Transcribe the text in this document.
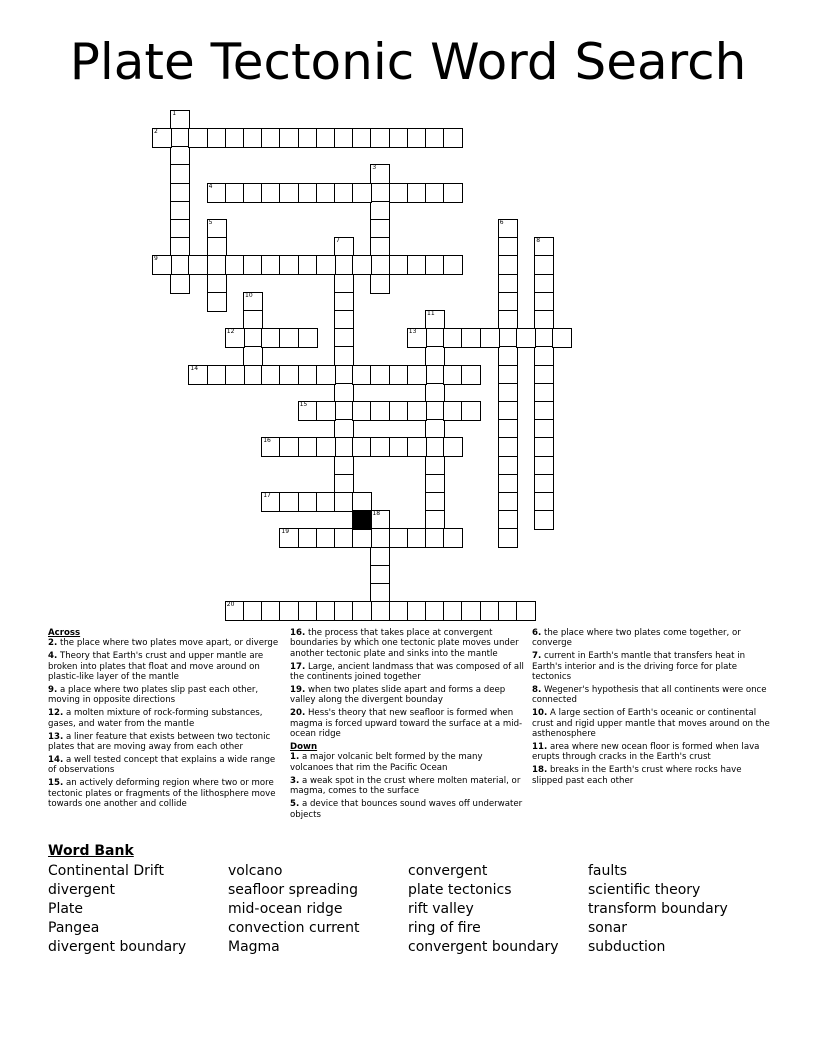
Plate Tectonic Word Search
1
2
3
4
5	6
7	8
9
10
11
12	13
14
15
16
17
18
19
20
Across
2. the place where two plates move apart, or diverge
4. Theory that Earth's crust and upper mantle are broken into plates that float and move around on plastic-like layer of the mantle
9. a place where two plates slip past each other, moving in opposite directions
12. a molten mixture of rock-forming substances, gases, and water from the mantle
13. a liner feature that exists between two tectonic plates that are moving away from each other
14. a well tested concept that explains a wide range of observations
15. an actively deforming region where two or more tectonic plates or fragments of the lithosphere move towards one another and collide
16. the process that takes place at convergent boundaries by which one tectonic plate moves under another tectonic plate and sinks into the mantle
17. Large, ancient landmass that was composed of all the continents joined together
19. when two plates slide apart and forms a deep valley along the divergent bounday
20. Hess's theory that new seafloor is formed when magma is forced upward toward the surface at a mid-ocean ridge
Down
1. a major volcanic belt formed by the many volcanoes that rim the Pacific Ocean
3. a weak spot in the crust where molten material, or magma, comes to the surface
5. a device that bounces sound waves off underwater objects
6. the place where two plates come together, or converge
7. current in Earth's mantle that transfers heat in Earth's interior and is the driving force for plate tectonics
8. Wegener's hypothesis that all continents were once connected
10. A large section of Earth's oceanic or continental crust and rigid upper mantle that moves around on the asthenosphere
11. area where new ocean floor is formed when lava erupts through cracks in the Earth's crust
18. breaks in the Earth's crust where rocks have slipped past each other
Word Bank
Continental Drift
divergent
Plate
Pangea
divergent boundary
volcano
seafloor spreading
mid-ocean ridge
convection current
Magma
convergent
plate tectonics
rift valley
ring of fire
convergent boundary
faults
scientific theory
transform boundary
sonar
subduction
